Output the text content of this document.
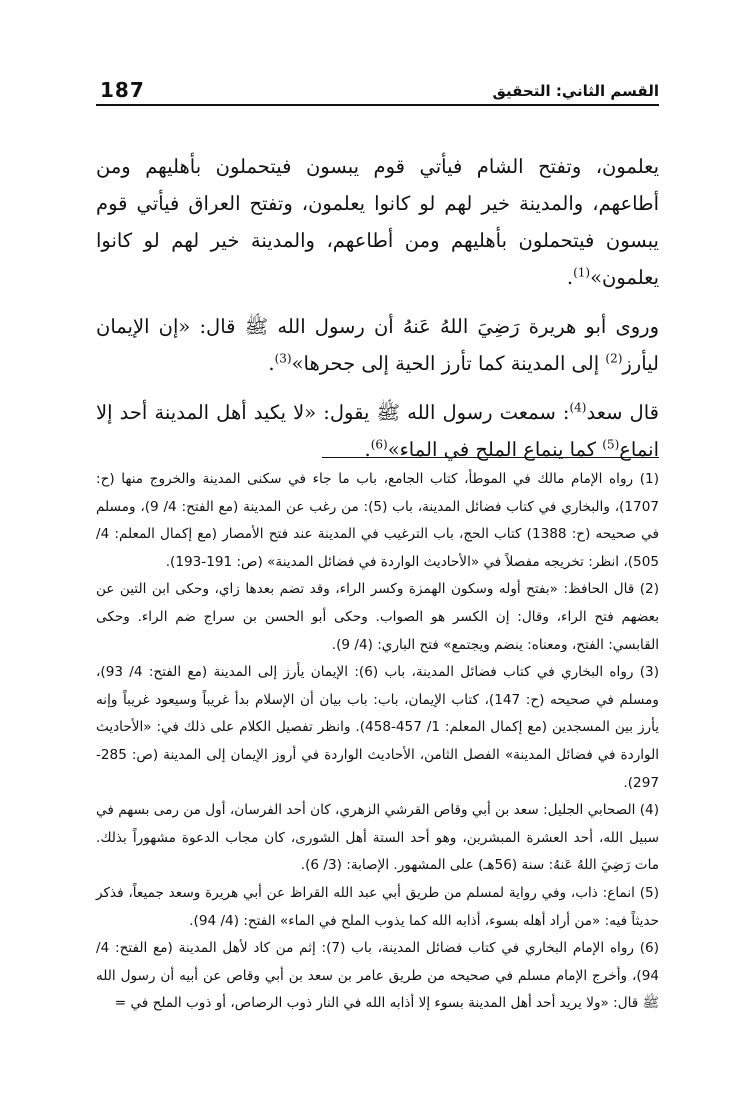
القسم الثاني: التحقيق
187

يعلمون، وتفتح الشام فيأتي قوم يبسون فيتحملون بأهليهم ومن أطاعهم، والمدينة خير لهم لو كانوا يعلمون، وتفتح العراق فيأتي قوم يبسون فيتحملون بأهليهم ومن أطاعهم، والمدينة خير لهم لو كانوا يعلمون»$^{(1)}$.

وروى أبو هريرة رَضِيَ اللهُ عَنهُ أن رسول الله ﷺ قال: «إن الإيمان ليأرز$^{(2)}$ إلى المدينة كما تأرز الحية إلى جحرها»$^{(3)}$.

قال سعد$^{(4)}$: سمعت رسول الله ﷺ يقول: «لا يكيد أهل المدينة أحد إلا انماع$^{(5)}$ كما ينماع الملح في الماء»$^{(6)}$.

(1) رواه الإمام مالك في الموطأ، كتاب الجامع، باب ما جاء في سكنى المدينة والخروج منها (ح: 1707)، والبخاري في كتاب فضائل المدينة، باب (5): من رغب عن المدينة (مع الفتح: 4/ 9)، ومسلم في صحيحه (ح: 1388) كتاب الحج، باب الترغيب في المدينة عند فتح الأمصار (مع إكمال المعلم: 4/ 505)، انظر: تخريجه مفصلاً في «الأحاديث الواردة في فضائل المدينة» (ص: 191-193).

(2) قال الحافظ: «بفتح أوله وسكون الهمزة وكسر الراء، وقد تضم بعدها زاي، وحكى ابن التين عن بعضهم فتح الراء، وقال: إن الكسر هو الصواب. وحكى أبو الحسن بن سراج ضم الراء. وحكى القابسي: الفتح، ومعناه: ينضم ويجتمع» فتح الباري: (4/ 9).

(3) رواه البخاري في كتاب فضائل المدينة، باب (6): الإيمان يأرز إلى المدينة (مع الفتح: 4/ 93)، ومسلم في صحيحه (ح: 147)، كتاب الإيمان، باب: باب بيان أن الإسلام بدأ غريباً وسيعود غريباً وإنه يأرز بين المسجدين (مع إكمال المعلم: 1/ 457-458). وانظر تفصيل الكلام على ذلك في: «الأحاديث الواردة في فضائل المدينة» الفصل الثامن، الأحاديث الواردة في أروز الإيمان إلى المدينة (ص: 285-297).

(4) الصحابي الجليل: سعد بن أبي وقاص القرشي الزهري، كان أحد الفرسان، أول من رمى بسهم في سبيل الله، أحد العشرة المبشرين، وهو أحد الستة أهل الشورى، كان مجاب الدعوة مشهوراً بذلك. مات رَضِيَ اللهُ عَنهُ: سنة (56هـ) على المشهور. الإصابة: (3/ 6).

(5) انماع: ذاب، وفي رواية لمسلم من طريق أبي عبد الله القراظ عن أبي هريرة وسعد جميعاً، فذكر حديثاً فيه: «من أراد أهله بسوء، أذابه الله كما يذوب الملح في الماء» الفتح: (4/ 94).

(6) رواه الإمام البخاري في كتاب فضائل المدينة، باب (7): إثم من كاد لأهل المدينة (مع الفتح: 4/ 94)، وأخرج الإمام مسلم في صحيحه من طريق عامر بن سعد بن أبي وقاص عن أبيه أن رسول الله ﷺ قال: «ولا يريد أحد أهل المدينة بسوء إلا أذابه الله في النار ذوب الرصاص، أو ذوب الملح في =
